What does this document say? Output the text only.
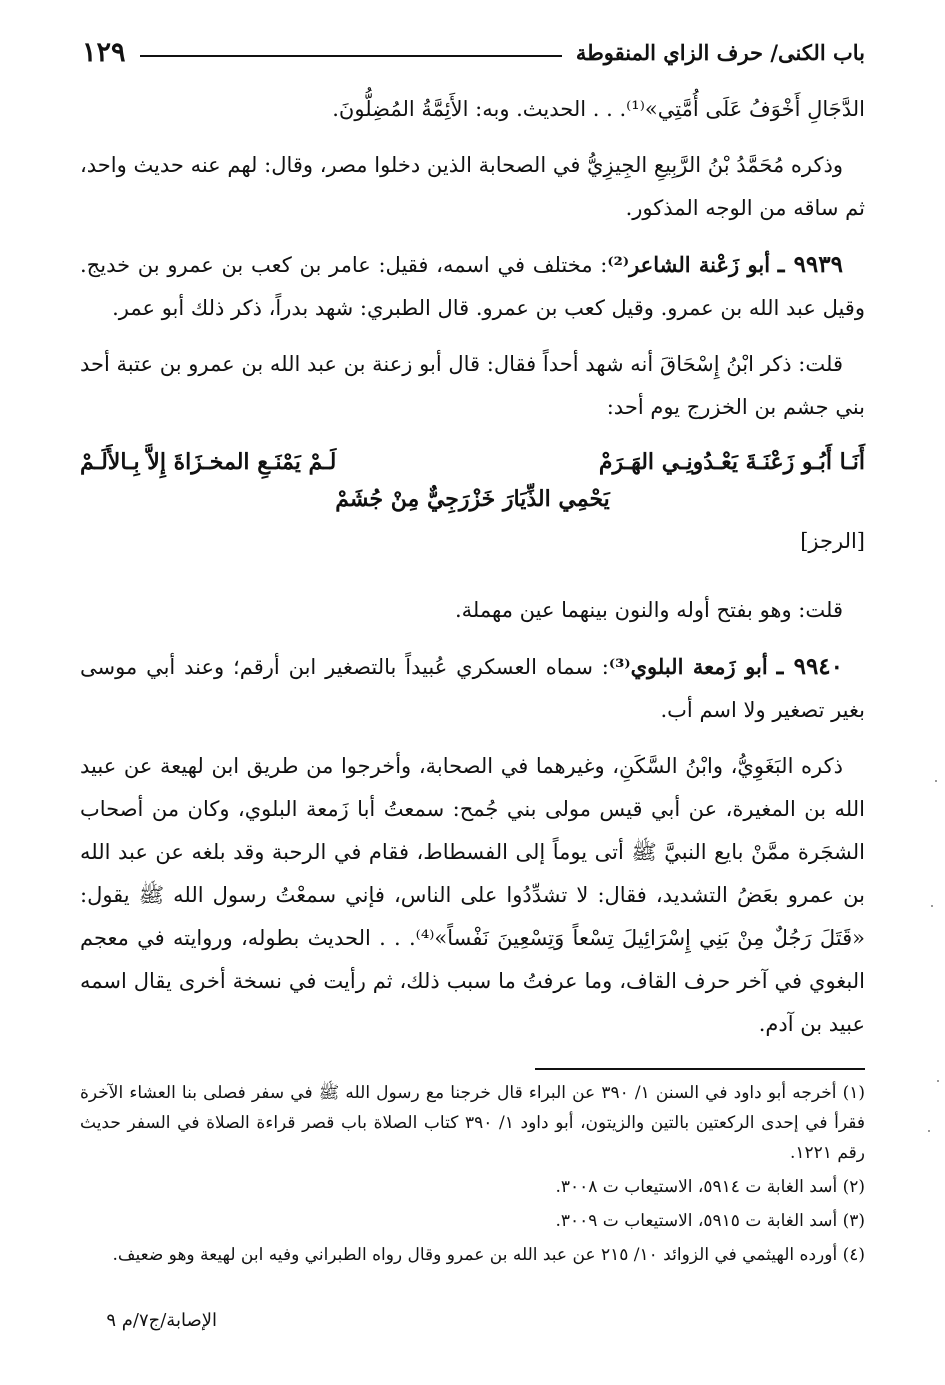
١٢٩	باب الكنى/ حرف الزاي المنقوطة

الدَّجَالِ أَخْوَفُ عَلَى أُمَّتِي»⁽¹⁾. . . الحديث. وبه: الأَئِمَّةُ المُضِلُّونَ.

وذكره مُحَمَّدُ بْنُ الرَّبِيعِ الجِيزِيُّ في الصحابة الذين دخلوا مصر، وقال: لهم عنه حديث واحد، ثم ساقه من الوجه المذكور.

٩٩٣٩ ـ أبو زَعْنة الشاعر⁽²⁾: مختلف في اسمه، فقيل: عامر بن كعب بن عمرو بن خديج. وقيل عبد الله بن عمرو. وقيل كعب بن عمرو. قال الطبري: شهد بدراً، ذكر ذلك أبو عمر.

قلت: ذكر ابْنُ إِسْحَاقَ أنه شهد أحداً فقال: قال أبو زعنة بن عبد الله بن عمرو بن عتبة أحد بني جشم بن الخزرج يوم أحد:

أَنَـا أَبُـو زَعْنَـةَ يَعْـدُونِـي الهَـرَمْ
لَـمْ يَمْنَـعِ المخـزَاةَ إِلاَّ بِـالأَلَـمْ
يَحْمِي الذِّيَارَ خَزْرَجِيٌّ مِنْ جُشَمْ
[الرجز]

قلت: وهو بفتح أوله والنون بينهما عين مهملة.

٩٩٤٠ ـ أبو زَمعة البلوي⁽³⁾: سماه العسكري عُبيداً بالتصغير ابن أرقم؛ وعند أبي موسى بغير تصغير ولا اسم أب.

ذكره البَغَوِيُّ، وابْنُ السَّكَنِ، وغيرهما في الصحابة، وأخرجوا من طريق ابن لهيعة عن عبيد الله بن المغيرة، عن أبي قيس مولى بني جُمح: سمعتُ أبا زَمعة البلوي، وكان من أصحاب الشجَرة ممَّنْ بايع النبيَّ ﷺ أتى يوماً إلى الفسطاط، فقام في الرحبة وقد بلغه عن عبد الله بن عمرو بعَضُ التشديد، فقال: لا تشدِّدُوا على الناس، فإني سمعْتُ رسول الله ﷺ يقول: «قَتَلَ رَجُلٌ مِنْ بَنِي إِسْرَائِيلَ تِسْعاً وَتِسْعِينَ نَفْساً»⁽⁴⁾. . . الحديث بطوله، وروايته في معجم البغوي في آخر حرف القاف، وما عرفتُ ما سبب ذلك، ثم رأيت في نسخة أخرى يقال اسمه عبيد بن آدم.

(١) أخرجه أبو داود في السنن ١/ ٣٩٠ عن البراء قال خرجنا مع رسول الله ﷺ في سفر فصلى بنا العشاء الآخرة فقرأ في إحدى الركعتين بالتين والزيتون، أبو داود ١/ ٣٩٠ كتاب الصلاة باب قصر قراءة الصلاة في السفر حديث رقم ١٢٢١.

(٢) أسد الغابة ت ٥٩١٤، الاستيعاب ت ٣٠٠٨.

(٣) أسد الغابة ت ٥٩١٥، الاستيعاب ت ٣٠٠٩.

(٤) أورده الهيثمي في الزوائد ١٠/ ٢١٥ عن عبد الله بن عمرو وقال رواه الطبراني وفيه ابن لهيعة وهو ضعيف.

الإصابة/ج٧/م ٩
